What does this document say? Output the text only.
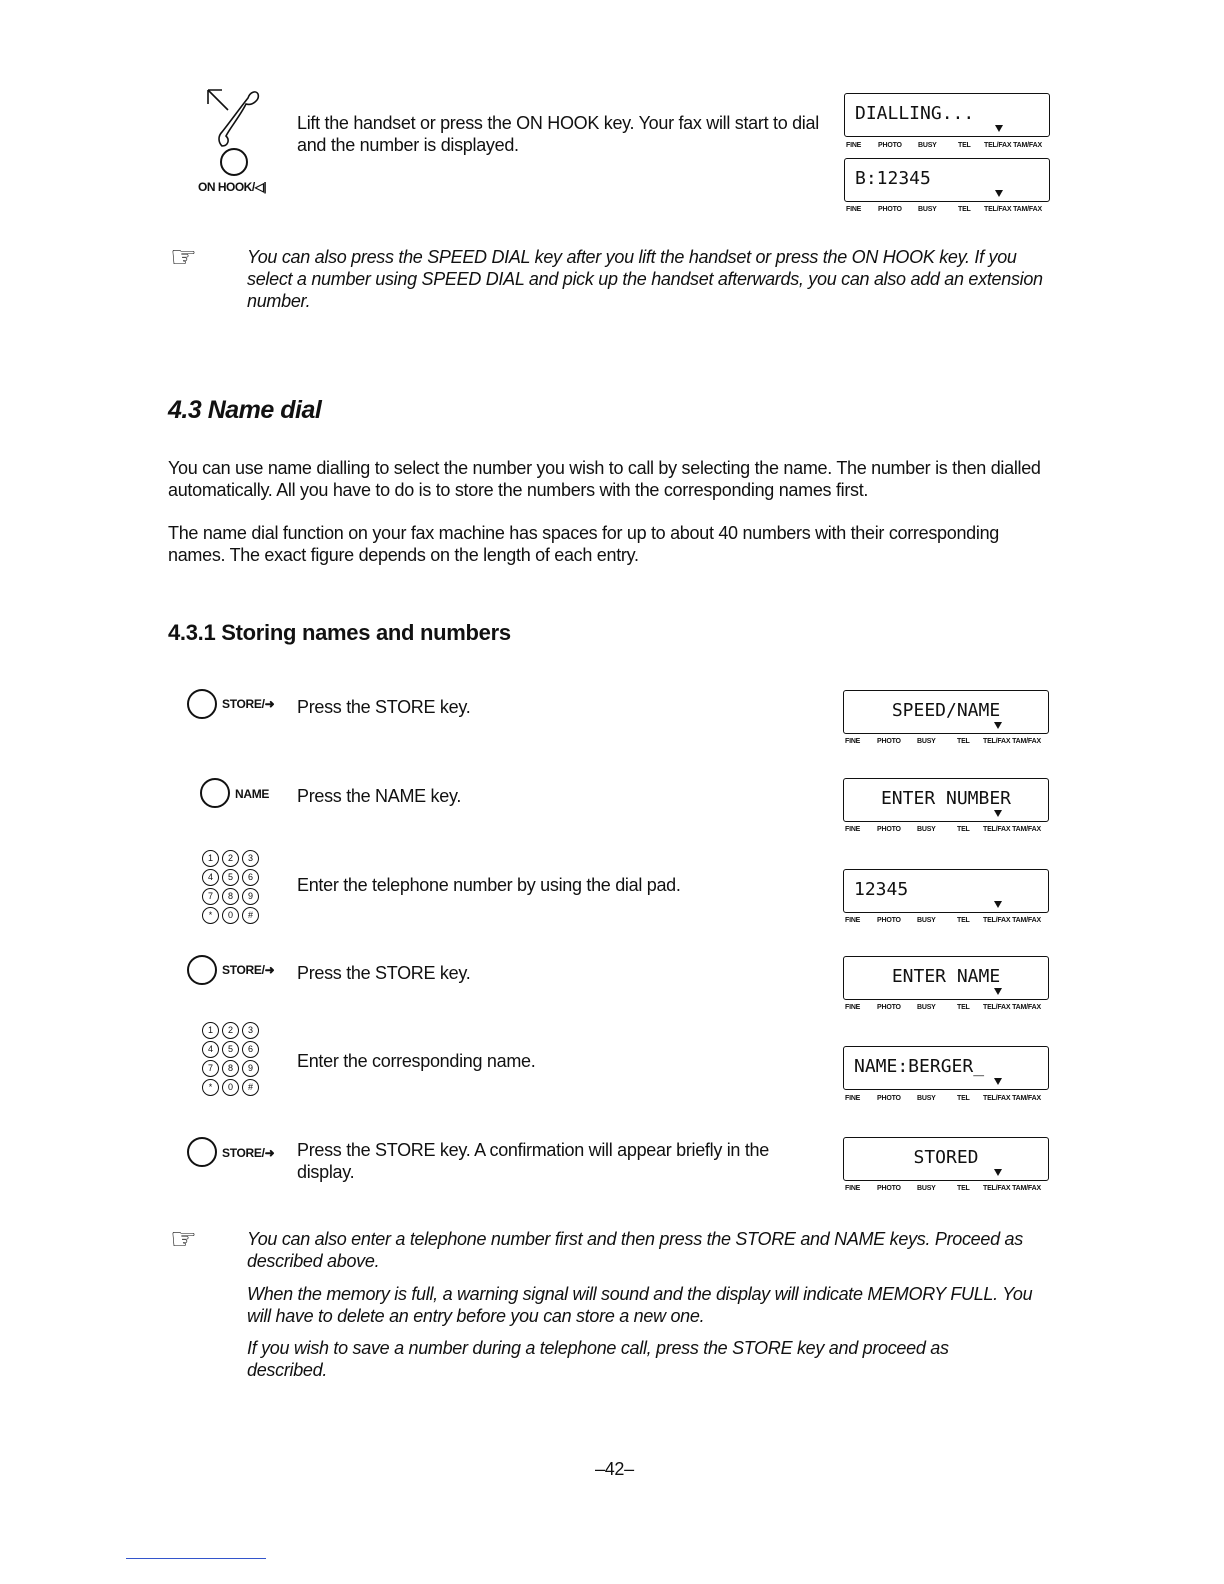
ON HOOK/◁|
Lift the handset or press the ON HOOK key. Your fax will start to dial and the number is displayed.
DIALLING...
FINE PHOTO BUSY	TEL TEL/FAX TAM/FAX
B:12345
FINE PHOTO BUSY	TEL TEL/FAX TAM/FAX
☞	You can also press the SPEED DIAL key after you lift the handset or press the ON HOOK key. If you select a number using SPEED DIAL and pick up the handset afterwards, you can also add an extension number.
4.3 Name dial
You can use name dialling to select the number you wish to call by selecting the name. The number is then dialled automatically. All you have to do is to store the numbers with the corresponding names first.
The name dial function on your fax machine has spaces for up to about 40 numbers with their corresponding names. The exact figure depends on the length of each entry.
4.3.1 Storing names and numbers
STORE/➜ Press the STORE key.	SPEED/NAME
FINE PHOTO BUSY	TEL TEL/FAX TAM/FAX
NAME Press the NAME key.	ENTER NUMBER
FINE PHOTO BUSY	TEL TEL/FAX TAM/FAX
1	2	3
4	5	6
7	8	9
*	0	#
Enter the telephone number by using the dial pad.	12345
FINE PHOTO BUSY	TEL TEL/FAX TAM/FAX
STORE/➜ Press the STORE key.	ENTER NAME
FINE PHOTO BUSY	TEL TEL/FAX TAM/FAX
1	2	3
4	5	6
7	8	9
*	0	#
Enter the corresponding name.	NAME:BERGER_
FINE PHOTO BUSY	TEL TEL/FAX TAM/FAX
STORE/➜ Press the STORE key. A confirmation will appear briefly in the display.
STORED
FINE PHOTO BUSY	TEL TEL/FAX TAM/FAX
☞	You can also enter a telephone number first and then press the STORE and NAME keys. Proceed as described above.
When the memory is full, a warning signal will sound and the display will indicate MEMORY FULL. You will have to delete an entry before you can store a new one.
If you wish to save a number during a telephone call, press the STORE key and proceed as described.
–42–
